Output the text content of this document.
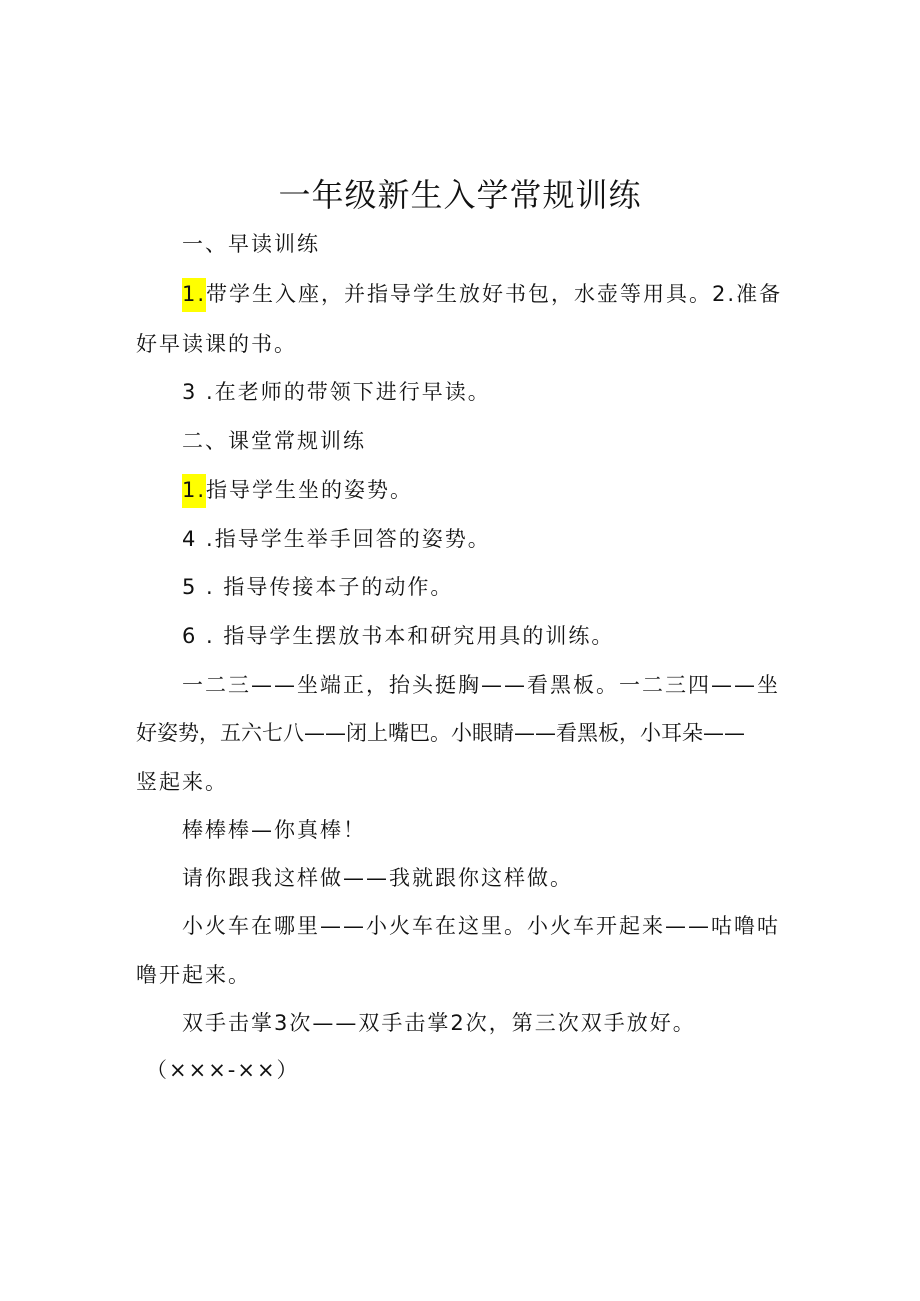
一年级新生入学常规训练
一、早读训练
1.带学生入座，并指导学生放好书包，水壶等用具。2.准备
好早读课的书。
3 .在老师的带领下进行早读。
二、课堂常规训练
1.指导学生坐的姿势。
4 .指导学生举手回答的姿势。
5 . 指导传接本子的动作。
6 . 指导学生摆放书本和研究用具的训练。
一二三——坐端正，抬头挺胸——看黑板。一二三四——坐
好姿势，五六七八——闭上嘴巴。小眼睛——看黑板，小耳朵——
竖起来。
棒棒棒—你真棒！
请你跟我这样做——我就跟你这样做。
小火车在哪里——小火车在这里。小火车开起来——咕噜咕
噜开起来。
双手击掌3次——双手击掌2次，第三次双手放好。
（×××-××）
